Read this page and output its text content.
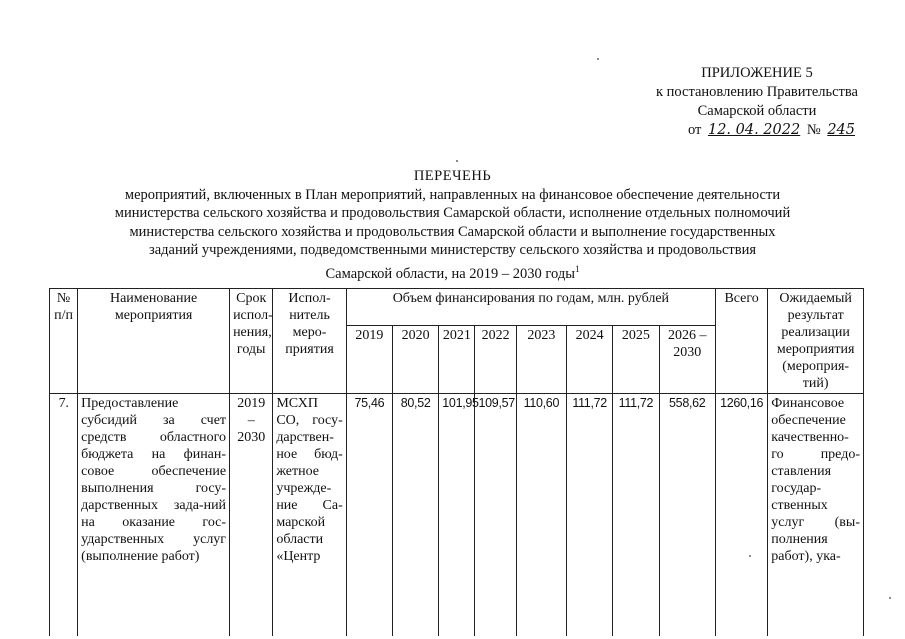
ПРИЛОЖЕНИЕ 5
к постановлению Правительства
Самарской области
от 12. 04. 2022 № 245
ПЕРЕЧЕНЬ
мероприятий, включенных в План мероприятий, направленных на финансовое обеспечение деятельности
министерства сельского хозяйства и продовольствия Самарской области, исполнение отдельных полномочий
министерства сельского хозяйства и продовольствия Самарской области и выполнение государственных
заданий учреждениями, подведомственными министерству сельского хозяйства и продовольствия
Самарской области, на 2019 – 2030 годы$^1$
№ п/п	Наименование мероприятия	Срок испол-нения, годы	Испол-нитель меро-приятия	Объем финансирования по годам, млн. рублей								Всего	Ожидаемый результат реализации мероприятия (мероприя-тий)
				2019	2020	2021	2022	2023	2024	2025	2026 – 2030		
7.	Предоставление субсидий за счет средств областного бюджета на финан-совое обеспечение выполнения госу-дарственных зада-ний на оказание гос-ударственных услуг (выполнение работ)	2019 – 2030	МСХП СО, госу-дарствен-ное бюд-жетное учрежде-ние Са-марской области «Центр	75,46	80,52	101,95	109,57	110,60	111,72	111,72	558,62	1260,16	Финансовое обеспечение качественно-го предо-ставления государ-ственных услуг (вы-полнения работ), ука-
